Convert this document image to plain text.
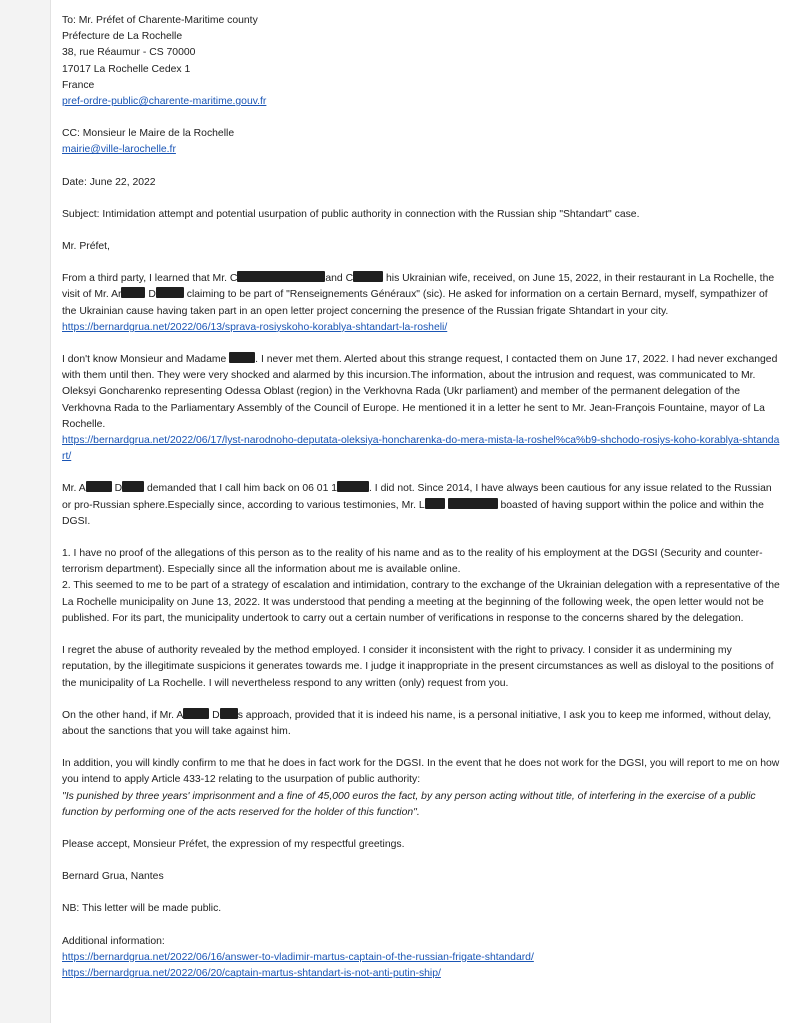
To: Mr. Préfet of Charente-Maritime county
Préfecture de La Rochelle
38, rue Réaumur - CS 70000
17017 La Rochelle Cedex 1
France
pref-ordre-public@charente-maritime.gouv.fr

CC: Monsieur le Maire de la Rochelle
mairie@ville-larochelle.fr

Date: June 22, 2022

Subject: Intimidation attempt and potential usurpation of public authority in connection with the Russian ship "Shtandart" case.

Mr. Préfet,

From a third party, I learned that Mr. C	and C	his Ukrainian wife, received, on June 15, 2022, in their restaurant in La Rochelle, the visit of Mr. Ar D	claiming to be part of "Renseignements Généraux" (sic). He asked for information on a certain Bernard, myself, sympathizer of the Ukrainian cause having taken part in an open letter project concerning the presence of the Russian frigate Shtandart in your city.
https://bernardgrua.net/2022/06/13/sprava-rosiyskoho-korablya-shtandart-la-rosheli/

I don't know Monsieur and Madame	. I never met them. Alerted about this strange request, I contacted them on June 17, 2022. I had never exchanged with them until then. They were very shocked and alarmed by this incursion.The information, about the intrusion and request, was communicated to Mr. Oleksyi Goncharenko representing Odessa Oblast (region) in the Verkhovna Rada (Ukr parliament) and member of the permanent delegation of the Verkhovna Rada to the Parliamentary Assembly of the Council of Europe. He mentioned it in a letter he sent to Mr. Jean-François Fountaine, mayor of La Rochelle.
https://bernardgrua.net/2022/06/17/lyst-narodnoho-deputata-oleksiya-honcharenka-do-mera-mista-la-roshel%ca%b9-shchodo-rosiys-koho-korablya-shtandart/

Mr. A	D demanded that I call him back on 06 01 1	. I did not. Since 2014, I have always been cautious for any issue related to the Russian or pro-Russian sphere.Especially since, according to various testimonies, Mr. L	boasted of having support within the police and within the DGSI.

1. I have no proof of the allegations of this person as to the reality of his name and as to the reality of his employment at the DGSI (Security and counter-terrorism department). Especially since all the information about me is available online.
2. This seemed to me to be part of a strategy of escalation and intimidation, contrary to the exchange of the Ukrainian delegation with a representative of the La Rochelle municipality on June 13, 2022. It was understood that pending a meeting at the beginning of the following week, the open letter would not be published. For its part, the municipality undertook to carry out a certain number of verifications in response to the concerns shared by the delegation.

I regret the abuse of authority revealed by the method employed. I consider it inconsistent with the right to privacy. I consider it as undermining my reputation, by the illegitimate suspicions it generates towards me. I judge it inappropriate in the present circumstances as well as disloyal to the positions of the municipality of La Rochelle. I will nevertheless respond to any written (only) request from you.

On the other hand, if Mr. A	D s approach, provided that it is indeed his name, is a personal initiative, I ask you to keep me informed, without delay, about the sanctions that you will take against him.

In addition, you will kindly confirm to me that he does in fact work for the DGSI. In the event that he does not work for the DGSI, you will report to me on how you intend to apply Article 433-12 relating to the usurpation of public authority:
"Is punished by three years' imprisonment and a fine of 45,000 euros the fact, by any person acting without title, of interfering in the exercise of a public function by performing one of the acts reserved for the holder of this function".

Please accept, Monsieur Préfet, the expression of my respectful greetings.

Bernard Grua, Nantes

NB: This letter will be made public.

Additional information:
https://bernardgrua.net/2022/06/16/answer-to-vladimir-martus-captain-of-the-russian-frigate-shtandard/
https://bernardgrua.net/2022/06/20/captain-martus-shtandart-is-not-anti-putin-ship/
